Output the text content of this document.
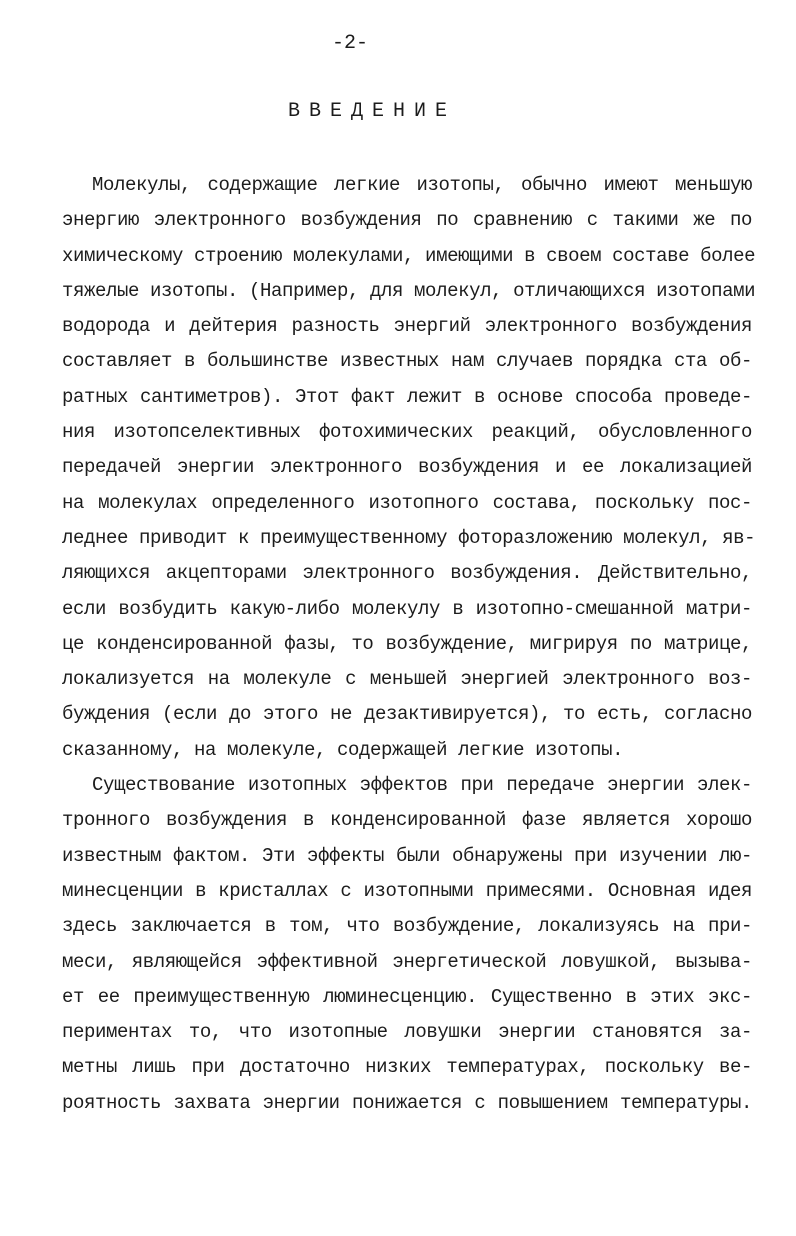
-2-
ВВЕДЕНИЕ
Молекулы, содержащие легкие изотопы, обычно имеют меньшую
энергию электронного возбуждения по сравнению с такими же по
химическому строению молекулами, имеющими в своем составе более
тяжелые изотопы. (Например, для молекул, отличающихся изотопами
водорода и дейтерия разность энергий электронного возбуждения
составляет в большинстве известных нам случаев порядка ста об-
ратных сантиметров). Этот факт лежит в основе способа проведе-
ния изотопселективных фотохимических реакций, обусловленного
передачей энергии электронного возбуждения и ее локализацией
на молекулах определенного изотопного состава, поскольку пос-
леднее приводит к преимущественному фоторазложению молекул, яв-
ляющихся акцепторами электронного возбуждения. Действительно,
если возбудить какую-либо молекулу в изотопно-смешанной матри-
це конденсированной фазы, то возбуждение, мигрируя по матрице,
локализуется на молекуле с меньшей энергией электронного воз-
буждения (если до этого не дезактивируется), то есть, согласно
сказанному, на молекуле, содержащей легкие изотопы.
Существование изотопных эффектов при передаче энергии элек-
тронного возбуждения в конденсированной фазе является хорошо
известным фактом. Эти эффекты были обнаружены при изучении лю-
минесценции в кристаллах с изотопными примесями. Основная идея
здесь заключается в том, что возбуждение, локализуясь на при-
меси, являющейся эффективной энергетической ловушкой, вызыва-
ет ее преимущественную люминесценцию. Существенно в этих экс-
периментах то, что изотопные ловушки энергии становятся за-
метны лишь при достаточно низких температурах, поскольку ве-
роятность захвата энергии понижается с повышением температуры.
